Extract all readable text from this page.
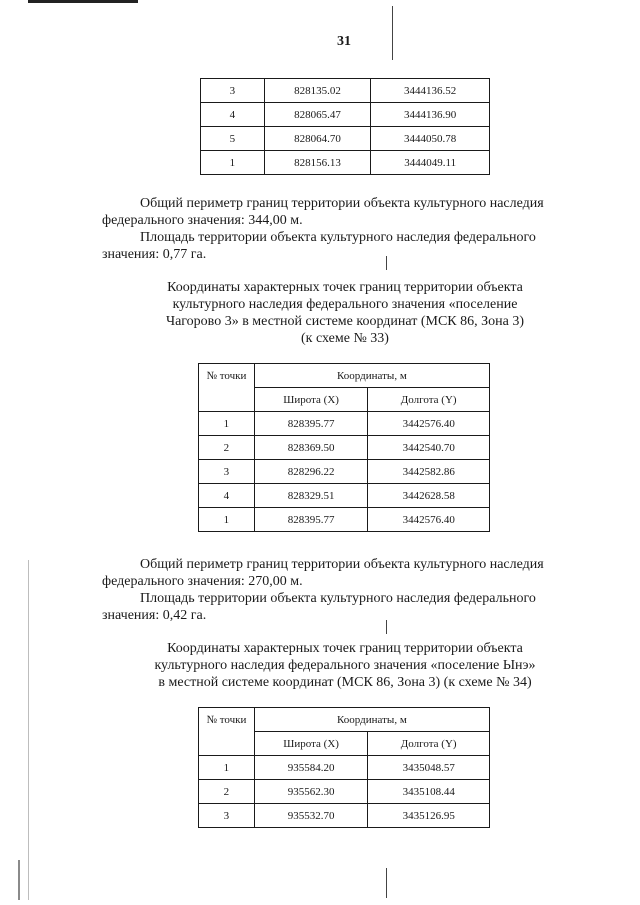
31
3	828135.02	3444136.52
4	828065.47	3444136.90
5	828064.70	3444050.78
1	828156.13	3444049.11
Общий периметр границ территории объекта культурного наследия
федерального значения: 344,00 м.
Площадь территории объекта культурного наследия федерального
значения: 0,77 га.
Координаты характерных точек границ территории объекта
культурного наследия федерального значения «поселение
Чагорово 3» в местной системе координат (МСК 86, Зона 3)
(к схеме № 33)
№ точки	Координаты, м	
	Широта (X)	Долгота (Y)
1	828395.77	3442576.40
2	828369.50	3442540.70
3	828296.22	3442582.86
4	828329.51	3442628.58
1	828395.77	3442576.40
Общий периметр границ территории объекта культурного наследия
федерального значения: 270,00 м.
Площадь территории объекта культурного наследия федерального
значения: 0,42 га.
Координаты характерных точек границ территории объекта
культурного наследия федерального значения «поселение Ынэ»
в местной системе координат (МСК 86, Зона 3) (к схеме № 34)
№ точки	Координаты, м	
	Широта (X)	Долгота (Y)
1	935584.20	3435048.57
2	935562.30	3435108.44
3	935532.70	3435126.95
